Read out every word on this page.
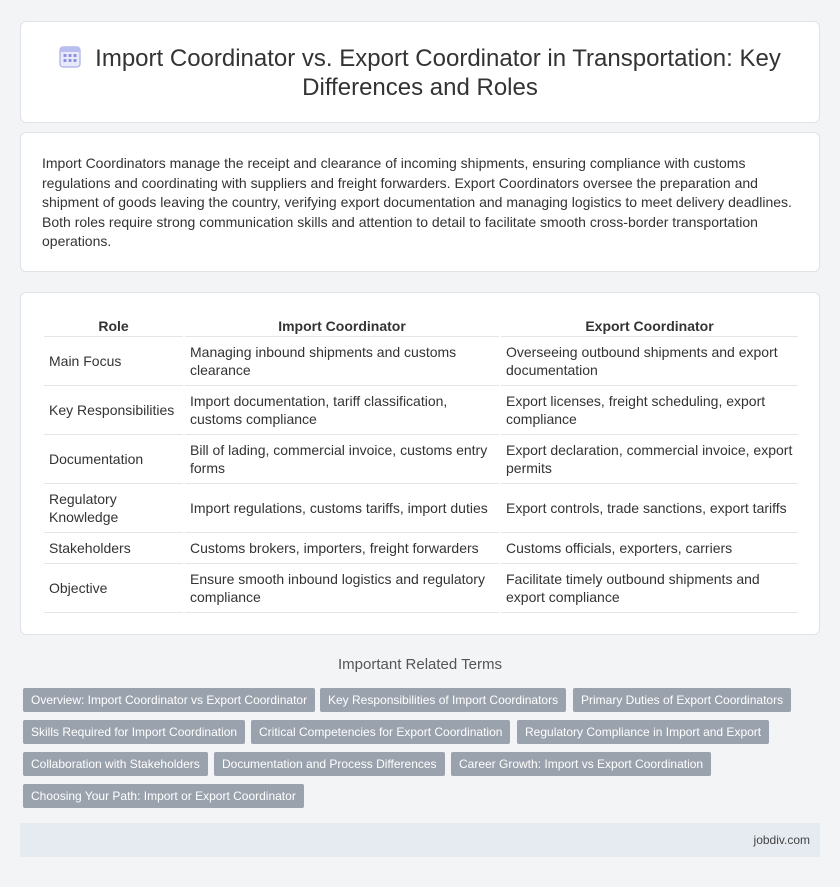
Import Coordinator vs. Export Coordinator in Transportation: Key Differences and Roles

Import Coordinators manage the receipt and clearance of incoming shipments, ensuring compliance with customs regulations and coordinating with suppliers and freight forwarders. Export Coordinators oversee the preparation and shipment of goods leaving the country, verifying export documentation and managing logistics to meet delivery deadlines. Both roles require strong communication skills and attention to detail to facilitate smooth cross-border transportation operations.

Role	Import Coordinator	Export Coordinator
Main Focus	Managing inbound shipments and customs clearance	Overseeing outbound shipments and export documentation
Key Responsibilities	Import documentation, tariff classification, customs compliance	Export licenses, freight scheduling, export compliance
Documentation	Bill of lading, commercial invoice, customs entry forms	Export declaration, commercial invoice, export permits
Regulatory Knowledge	Import regulations, customs tariffs, import duties	Export controls, trade sanctions, export tariffs
Stakeholders	Customs brokers, importers, freight forwarders	Customs officials, exporters, carriers
Objective	Ensure smooth inbound logistics and regulatory compliance	Facilitate timely outbound shipments and export compliance
Important Related Terms
Overview: Import Coordinator vs Export Coordinator	Key Responsibilities of Import Coordinators	Primary Duties of Export Coordinators
Skills Required for Import Coordination	Critical Competencies for Export Coordination	Regulatory Compliance in Import and Export
Collaboration with Stakeholders	Documentation and Process Differences	Career Growth: Import vs Export Coordination
Choosing Your Path: Import or Export Coordinator
jobdiv.com
